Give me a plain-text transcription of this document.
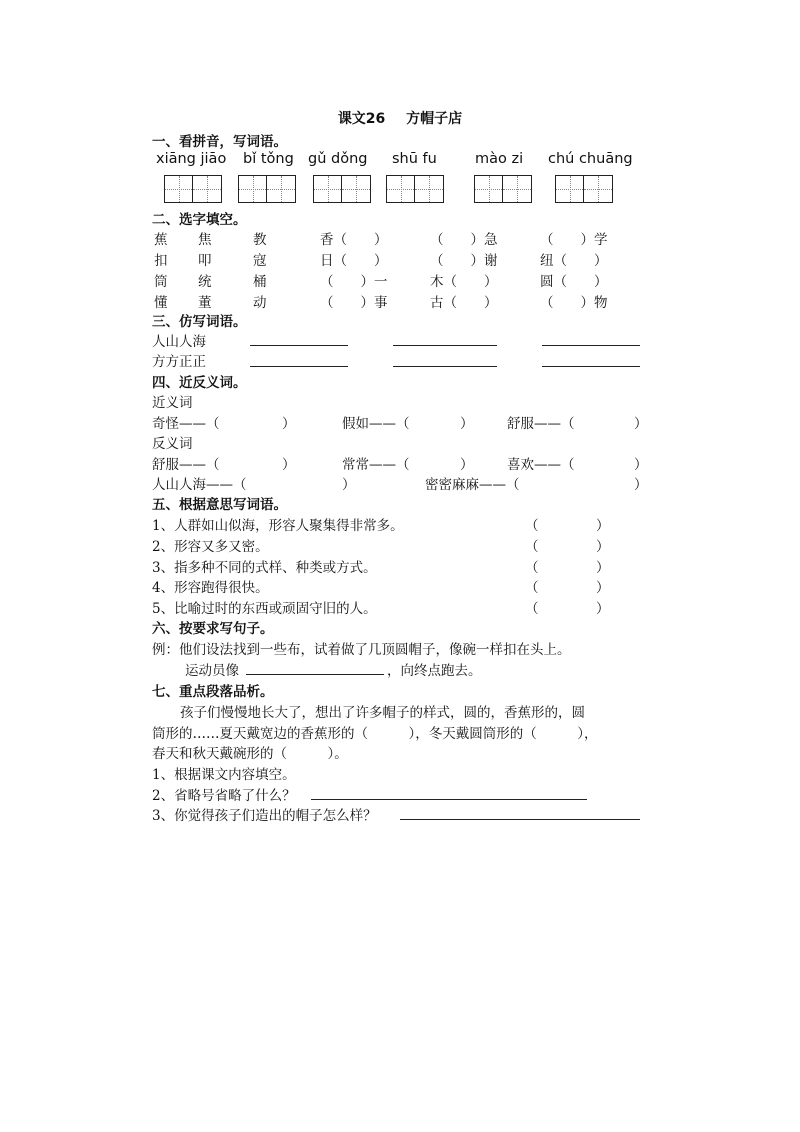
课文26 方帽子店
一、看拼音，写词语。
xiāng jiāo bǐ tǒng gǔ dǒng shū fu	mào zi chú chuāng
二、选字填空。
蕉 焦	教	香（　　）	（　　）急	（　　）学
扣 叩	寇	日（　　）	（　　）谢	纽（　　）
筒 统	桶	（　　）一	木（　　）	圆（　　）
懂 董	动	（　　）事	古（　　）	（　　）物
三、仿写词语。
人山人海
方方正正
四、近反义词。
近义词
奇怪——（	）	假如——（	） 舒服——（	）
反义词
舒服——（	）	常常——（	） 喜欢——（	）
人山人海——（	）	密密麻麻——（	）
五、根据意思写词语。
1、人群如山似海，形容人聚集得非常多。	（	）
2、形容又多又密。	（	）
3、指多种不同的式样、种类或方式。	（	）
4、形容跑得很快。	（	）
5、比喻过时的东西或顽固守旧的人。	（	）
六、按要求写句子。
例：他们设法找到一些布，试着做了几顶圆帽子，像碗一样扣在头上。
运动员像	，向终点跑去。
七、重点段落品析。
孩子们慢慢地长大了，想出了许多帽子的样式，圆的，香蕉形的，圆
筒形的……夏天戴宽边的香蕉形的（　　　），冬天戴圆筒形的（　　　），
春天和秋天戴碗形的（　　　）。
1、根据课文内容填空。
2、省略号省略了什么？
3、你觉得孩子们造出的帽子怎么样？
